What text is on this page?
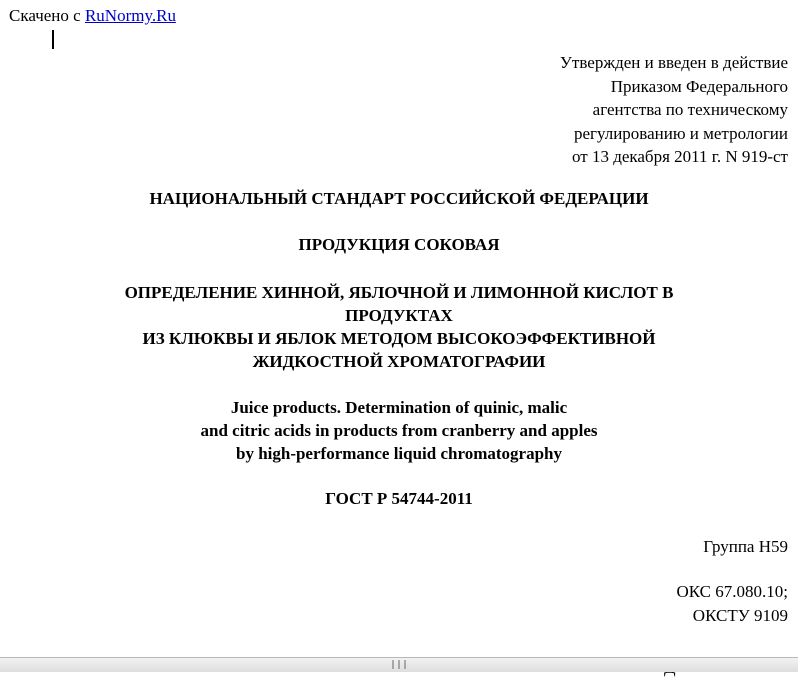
Скачено с RuNormy.Ru
Утвержден и введен в действие
Приказом Федерального
агентства по техническому
регулированию и метрологии
от 13 декабря 2011 г. N 919-ст
НАЦИОНАЛЬНЫЙ СТАНДАРТ РОССИЙСКОЙ ФЕДЕРАЦИИ
ПРОДУКЦИЯ СОКОВАЯ
ОПРЕДЕЛЕНИЕ ХИННОЙ, ЯБЛОЧНОЙ И ЛИМОННОЙ КИСЛОТ В
ПРОДУКТАХ
ИЗ КЛЮКВЫ И ЯБЛОК МЕТОДОМ ВЫСОКОЭФФЕКТИВНОЙ
ЖИДКОСТНОЙ ХРОМАТОГРАФИИ
Juice products. Determination of quinic, malic
and citric acids in products from cranberry and apples
by high-performance liquid chromatography
ГОСТ Р 54744-2011
Группа Н59
ОКС 67.080.10;
ОКСТУ 9109
